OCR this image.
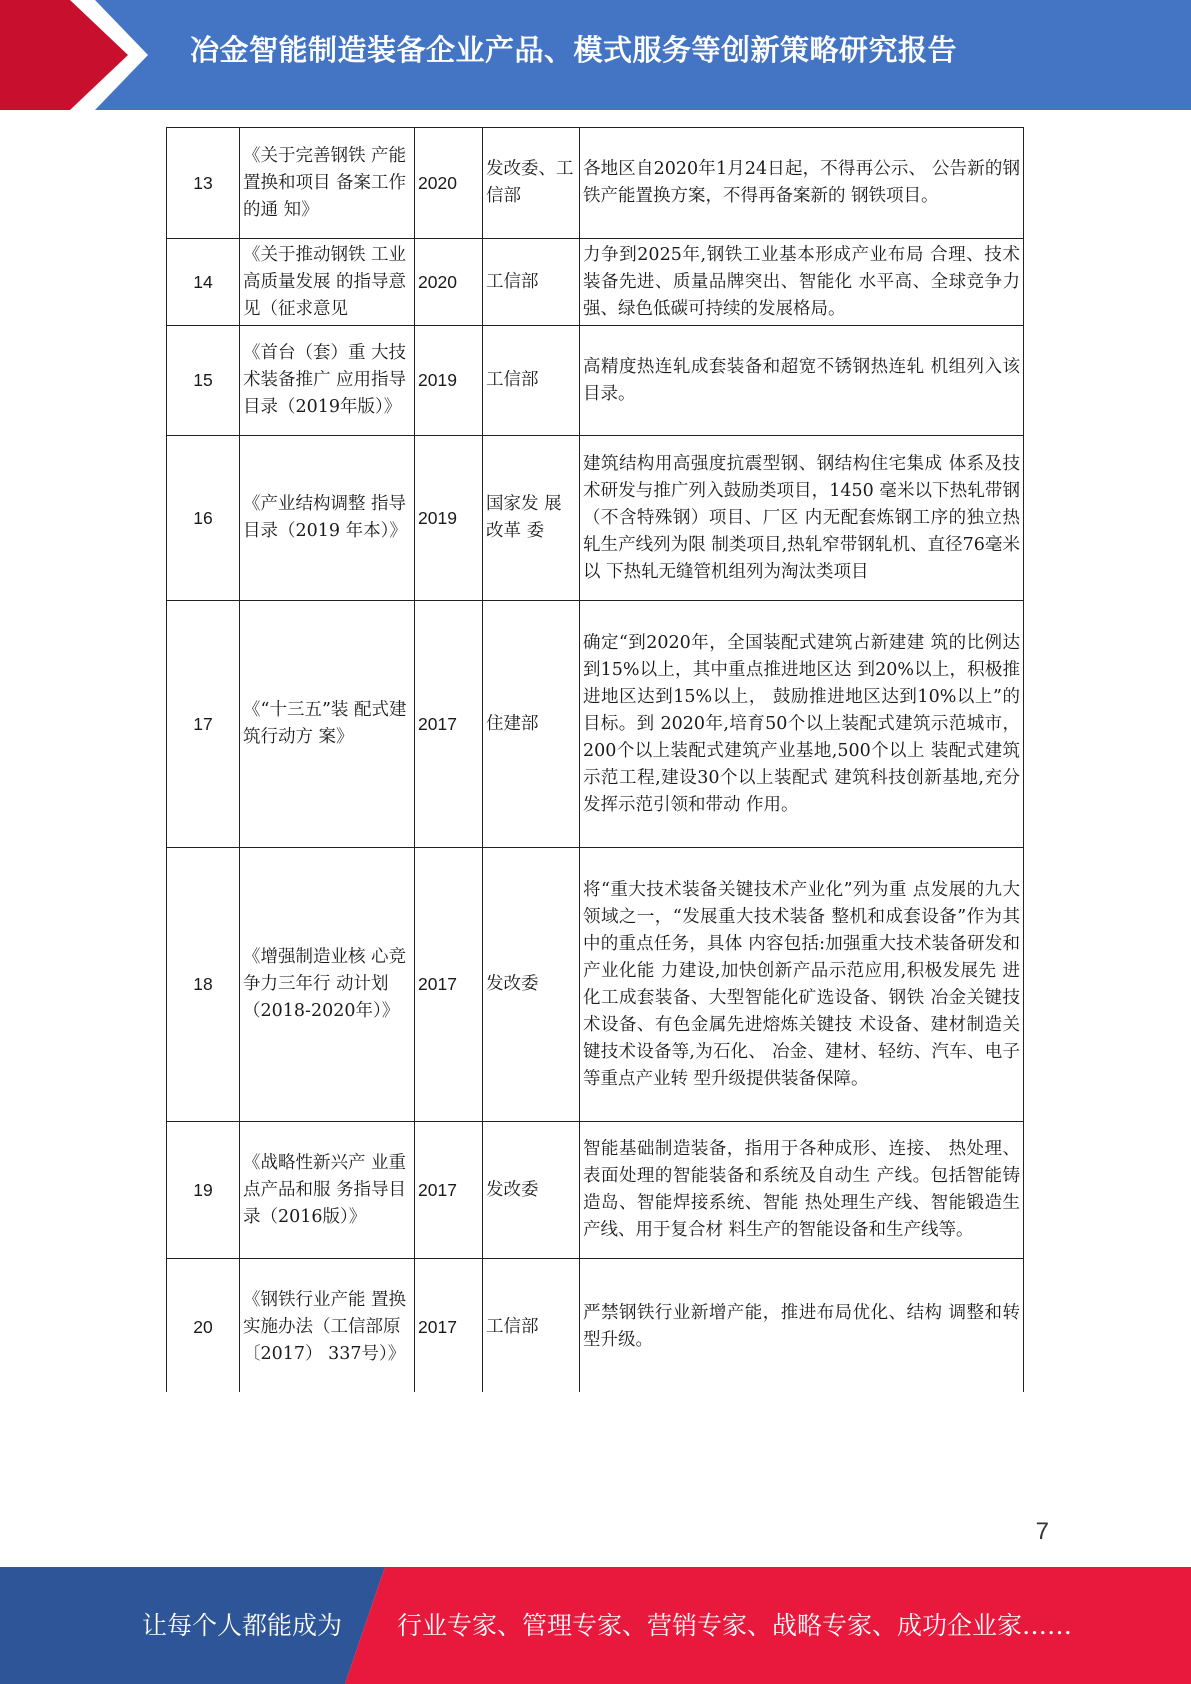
冶金智能制造装备企业产品、模式服务等创新策略研究报告
13	《关于完善钢铁 产能置换和项目 备案工作的通 知》	2020	发改委、工信部	各地区自2020年1月24日起，不得再公示、 公告新的钢铁产能置换方案，不得再备案新的 钢铁项目。
14	《关于推动钢铁 工业高质量发展 的指导意见（征求意见	2020	工信部	力争到2025年,钢铁工业基本形成产业布局 合理、技术装备先进、质量品牌突出、智能化 水平高、全球竞争力强、绿色低碳可持续的发展格局。
15	《首台（套）重 大技术装备推广 应用指导目录（2019年版）》	2019	工信部	高精度热连轧成套装备和超宽不锈钢热连轧 机组列入该目录。
16	《产业结构调整 指导目录（2019 年本）》	2019	国家发 展改革 委	建筑结构用高强度抗震型钢、钢结构住宅集成 体系及技术研发与推广列入鼓励类项目，1450 毫米以下热轧带钢（不含特殊钢）项目、厂区 内无配套炼钢工序的独立热轧生产线列为限 制类项目,热轧窄带钢轧机、直径76毫米以 下热轧无缝管机组列为淘汰类项目
17	《“十三五”装 配式建筑行动方 案》	2017	住建部	确定“到2020年，全国装配式建筑占新建建 筑的比例达到15%以上，其中重点推进地区达 到20%以上，积极推进地区达到15%以上， 鼓励推进地区达到10%以上”的目标。到 2020年,培育50个以上装配式建筑示范城市， 200个以上装配式建筑产业基地,500个以上 装配式建筑示范工程,建设30个以上装配式 建筑科技创新基地,充分发挥示范引领和带动 作用。
18	《增强制造业核 心竞争力三年行 动计划（2018-2020年）》	2017	发改委	将“重大技术装备关键技术产业化”列为重 点发展的九大领域之一，“发展重大技术装备 整机和成套设备”作为其中的重点任务，具体 内容包括:加强重大技术装备研发和产业化能 力建设,加快创新产品示范应用,积极发展先 进化工成套装备、大型智能化矿选设备、钢铁 冶金关键技术设备、有色金属先进熔炼关键技 术设备、建材制造关键技术设备等,为石化、 冶金、建材、轻纺、汽车、电子等重点产业转 型升级提供装备保障。
19	《战略性新兴产 业重点产品和服 务指导目录（2016版）》	2017	发改委	智能基础制造装备，指用于各种成形、连接、 热处理、表面处理的智能装备和系统及自动生 产线。包括智能铸造岛、智能焊接系统、智能 热处理生产线、智能锻造生产线、用于复合材 料生产的智能设备和生产线等。
20	《钢铁行业产能 置换实施办法（工信部原〔2017） 337号）》	2017	工信部	严禁钢铁行业新增产能，推进布局优化、结构 调整和转型升级。
7
让每个人都能成为 行业专家、管理专家、营销专家、战略专家、成功企业家……
